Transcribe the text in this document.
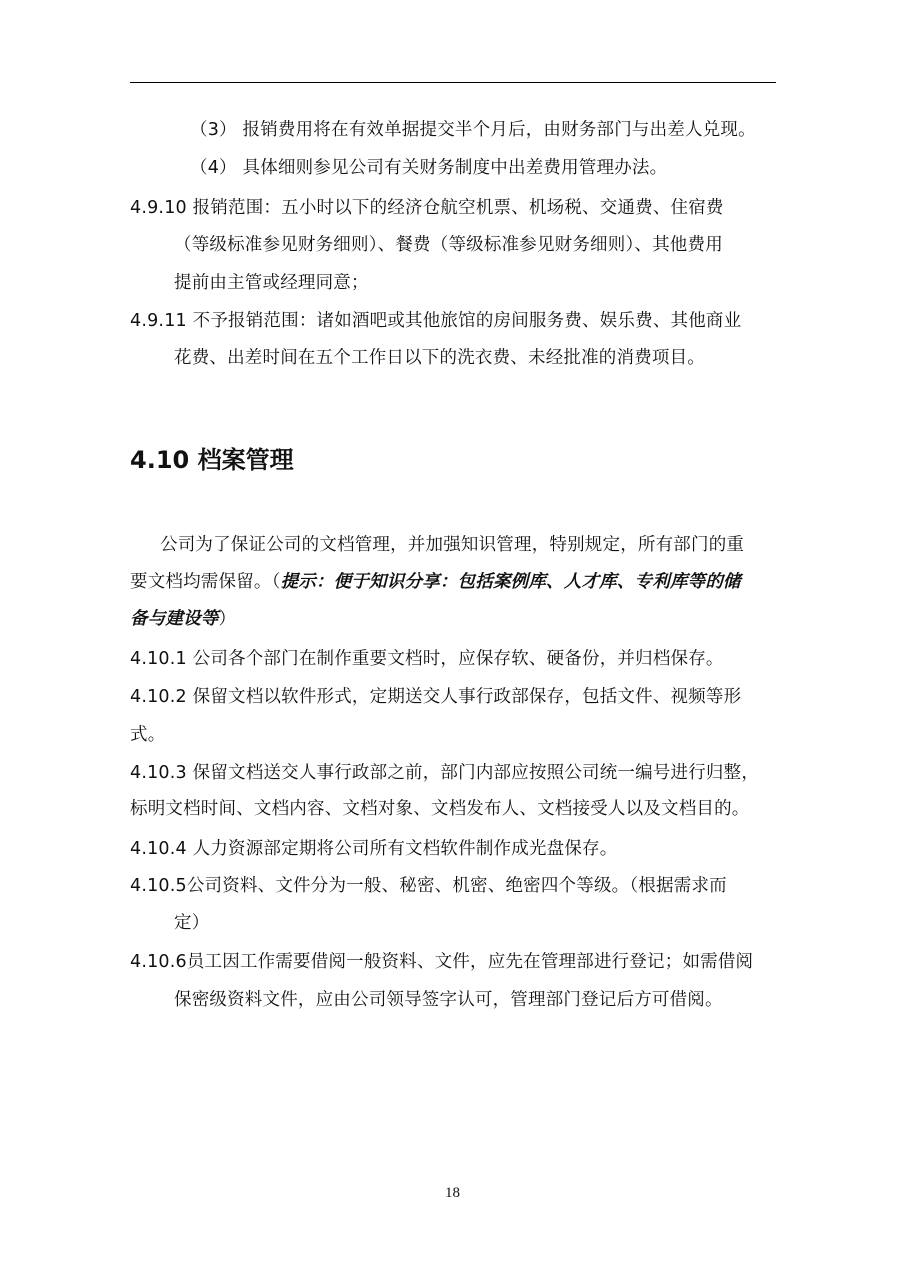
（3） 报销费用将在有效单据提交半个月后，由财务部门与出差人兑现。
（4） 具体细则参见公司有关财务制度中出差费用管理办法。
4.9.10 报销范围：五小时以下的经济仓航空机票、机场税、交通费、住宿费
（等级标准参见财务细则）、餐费（等级标准参见财务细则）、其他费用
提前由主管或经理同意；
4.9.11 不予报销范围：诸如酒吧或其他旅馆的房间服务费、娱乐费、其他商业
花费、出差时间在五个工作日以下的洗衣费、未经批准的消费项目。
4.10 档案管理
公司为了保证公司的文档管理，并加强知识管理，特别规定，所有部门的重
要文档均需保留。（提示：便于知识分享：包括案例库、人才库、专利库等的储
备与建设等）
4.10.1 公司各个部门在制作重要文档时，应保存软、硬备份，并归档保存。
4.10.2 保留文档以软件形式，定期送交人事行政部保存，包括文件、视频等形
式。
4.10.3 保留文档送交人事行政部之前，部门内部应按照公司统一编号进行归整，
标明文档时间、文档内容、文档对象、文档发布人、文档接受人以及文档目的。
4.10.4 人力资源部定期将公司所有文档软件制作成光盘保存。
4.10.5公司资料、文件分为一般、秘密、机密、绝密四个等级。（根据需求而
定）
4.10.6员工因工作需要借阅一般资料、文件，应先在管理部进行登记；如需借阅
保密级资料文件，应由公司领导签字认可，管理部门登记后方可借阅。
18
